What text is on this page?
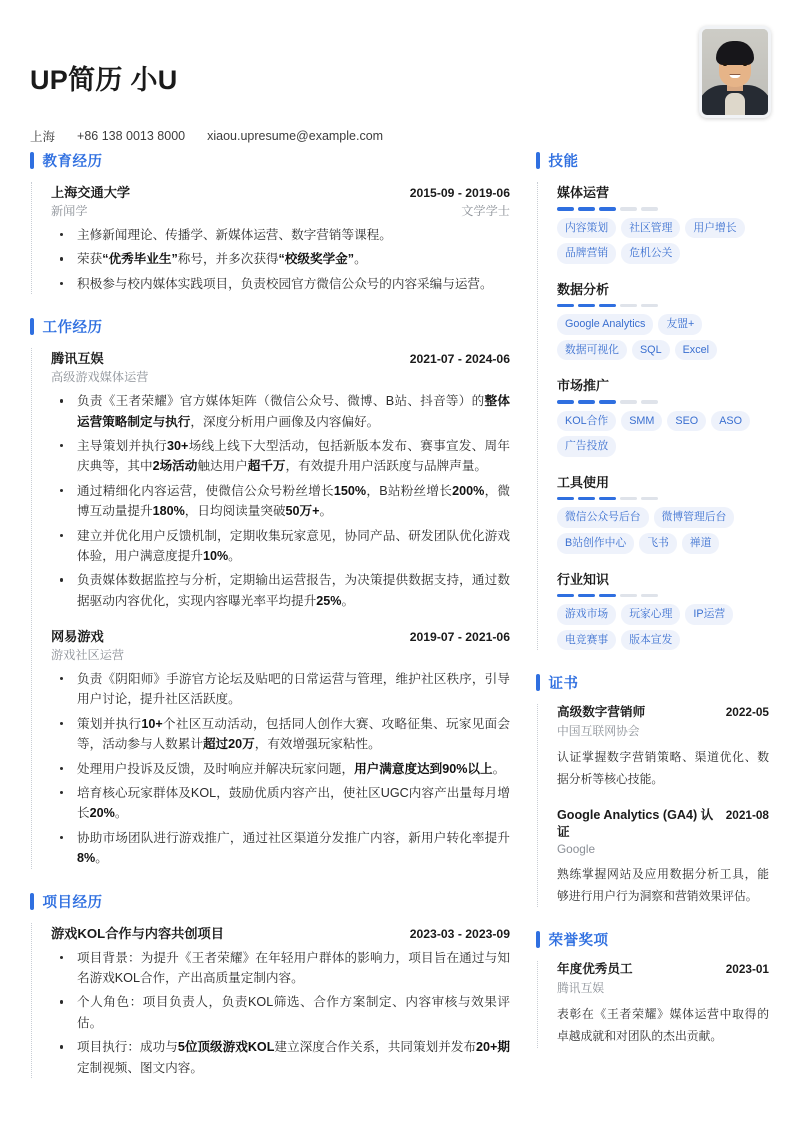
UP简历 小U
上海 +86 138 0013 8000 xiaou.upresume@example.com
教育经历
上海交通大学	2015-09 - 2019-06
新闻学	文学学士
主修新闻理论、传播学、新媒体运营、数字营销等课程。
荣获“优秀毕业生”称号，并多次获得“校级奖学金”。
积极参与校内媒体实践项目，负责校园官方微信公众号的内容采编与运营。
工作经历
腾讯互娱	2021-07 - 2024-06
高级游戏媒体运营
负责《王者荣耀》官方媒体矩阵（微信公众号、微博、B站、抖音等）的整体运营策略制定与执行，深度分析用户画像及内容偏好。
主导策划并执行30+场线上线下大型活动，包括新版本发布、赛事宣发、周年庆典等，其中2场活动触达用户超千万，有效提升用户活跃度与品牌声量。
通过精细化内容运营，使微信公众号粉丝增长150%，B站粉丝增长200%，微博互动量提升180%，日均阅读量突破50万+。
建立并优化用户反馈机制，定期收集玩家意见，协同产品、研发团队优化游戏体验，用户满意度提升10%。
负责媒体数据监控与分析，定期输出运营报告，为决策提供数据支持，通过数据驱动内容优化，实现内容曝光率平均提升25%。
网易游戏	2019-07 - 2021-06
游戏社区运营
负责《阴阳师》手游官方论坛及贴吧的日常运营与管理，维护社区秩序，引导用户讨论，提升社区活跃度。
策划并执行10+个社区互动活动，包括同人创作大赛、攻略征集、玩家见面会等，活动参与人数累计超过20万，有效增强玩家粘性。
处理用户投诉及反馈，及时响应并解决玩家问题，用户满意度达到90%以上。
培育核心玩家群体及KOL，鼓励优质内容产出，使社区UGC内容产出量每月增长20%。
协助市场团队进行游戏推广，通过社区渠道分发推广内容，新用户转化率提升8%。
项目经历
游戏KOL合作与内容共创项目	2023-03 - 2023-09
项目背景：为提升《王者荣耀》在年轻用户群体的影响力，项目旨在通过与知名游戏KOL合作，产出高质量定制内容。
个人角色：项目负责人，负责KOL筛选、合作方案制定、内容审核与效果评估。
项目执行：成功与5位顶级游戏KOL建立深度合作关系，共同策划并发布20+期定制视频、图文内容。
技能
媒体运营
内容策划	社区管理	用户增长
品牌营销	危机公关
数据分析
Google Analytics	友盟+
数据可视化	SQL	Excel
市场推广
KOL合作	SMM	SEO	ASO
广告投放
工具使用
微信公众号后台	微博管理后台
B站创作中心	飞书	禅道
行业知识
游戏市场	玩家心理	IP运营
电竞赛事	版本宣发
证书
高级数字营销师	2022-05
中国互联网协会
认证掌握数字营销策略、渠道优化、数据分析等核心技能。
Google Analytics (GA4) 认证
2021-08
Google
熟练掌握网站及应用数据分析工具，能够进行用户行为洞察和营销效果评估。
荣誉奖项
年度优秀员工	2023-01
腾讯互娱
表彰在《王者荣耀》媒体运营中取得的卓越成就和对团队的杰出贡献。
